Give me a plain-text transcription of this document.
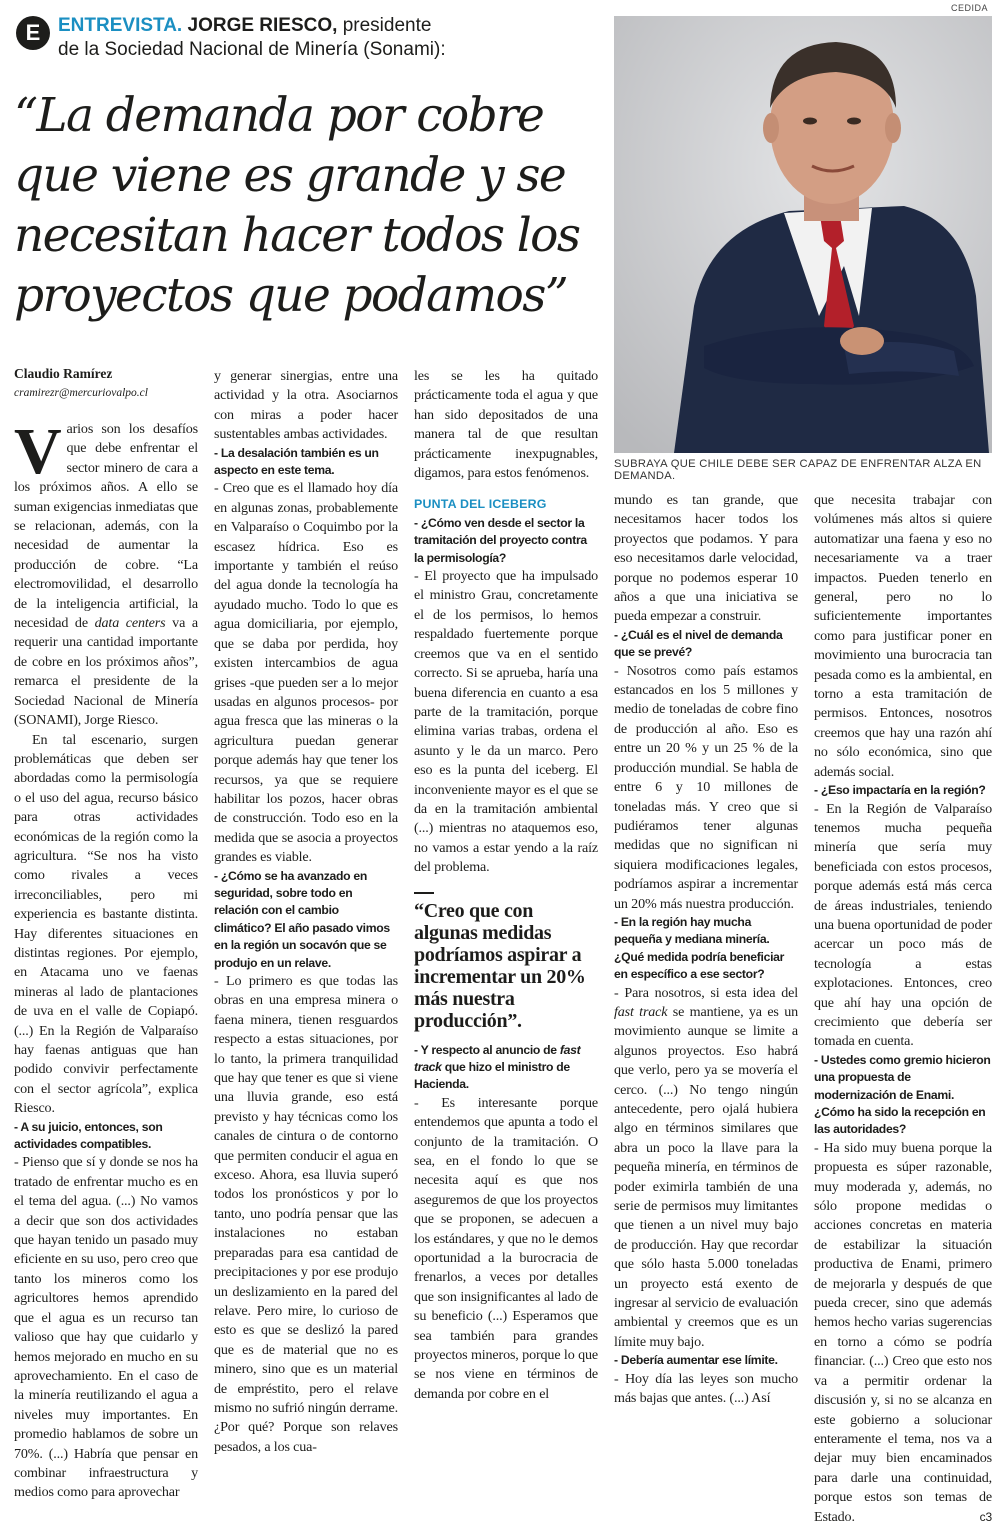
E ENTREVISTA. JORGE RIESCO, presidente
de la Sociedad Nacional de Minería (Sonami):
“La demanda por cobre que viene es grande y se necesitan hacer todos los proyectos que podamos”
CEDIDA
SUBRAYA QUE CHILE DEBE SER CAPAZ DE ENFRENTAR ALZA EN DEMANDA.
Claudio Ramírez
cramirezr@mercuriovalpo.cl

Varios son los desafíos que debe enfrentar el sector minero de cara a los próximos años. A ello se suman exigencias inmediatas que se relacionan, además, con la necesidad de aumentar la producción de cobre. “La electromovilidad, el desarrollo de la inteligencia artificial, la necesidad de data centers va a requerir una cantidad importante de cobre en los próximos años”, remarca el presidente de la Sociedad Nacional de Minería (SONAMI), Jorge Riesco.

En tal escenario, surgen problemáticas que deben ser abordadas como la permisología o el uso del agua, recurso básico para otras actividades económicas de la región como la agricultura. “Se nos ha visto como rivales a veces irreconciliables, pero mi experiencia es bastante distinta. Hay diferentes situaciones en distintas regiones. Por ejemplo, en Atacama uno ve faenas mineras al lado de plantaciones de uva en el valle de Copiapó. (...) En la Región de Valparaíso hay faenas antiguas que han podido convivir perfectamente con el sector agrícola”, explica Riesco.

- A su juicio, entonces, son actividades compatibles.

- Pienso que sí y donde se nos ha tratado de enfrentar mucho es en el tema del agua. (...) No vamos a decir que son dos actividades que hayan tenido un pasado muy eficiente en su uso, pero creo que tanto los mineros como los agricultores hemos aprendido que el agua es un recurso tan valioso que hay que cuidarlo y hemos mejorado en mucho en su aprovechamiento. En el caso de la minería reutilizando el agua a niveles muy importantes. En promedio hablamos de sobre un 70%. (...) Habría que pensar en combinar infraestructura y medios como para aprovechar

y generar sinergias, entre una actividad y la otra. Asociarnos con miras a poder hacer sustentables ambas actividades.

- La desalación también es un aspecto en este tema.

- Creo que es el llamado hoy día en algunas zonas, probablemente en Valparaíso o Coquimbo por la escasez hídrica. Eso es importante y también el reúso del agua donde la tecnología ha ayudado mucho. Todo lo que es agua domiciliaria, por ejemplo, que se daba por perdida, hoy existen intercambios de agua grises -que pueden ser a lo mejor usadas en algunos procesos- por agua fresca que las mineras o la agricultura puedan generar porque además hay que tener los recursos, ya que se requiere habilitar los pozos, hacer obras de construcción. Todo eso en la medida que se asocia a proyectos grandes es viable.

- ¿Cómo se ha avanzado en seguridad, sobre todo en relación con el cambio climático? El año pasado vimos en la región un socavón que se produjo en un relave.

- Lo primero es que todas las obras en una empresa minera o faena minera, tienen resguardos respecto a estas situaciones, por lo tanto, la primera tranquilidad que hay que tener es que si viene una lluvia grande, eso está previsto y hay técnicas como los canales de cintura o de contorno que permiten conducir el agua en exceso. Ahora, esa lluvia superó todos los pronósticos y por lo tanto, uno podría pensar que las instalaciones no estaban preparadas para esa cantidad de precipitaciones y por ese produjo un deslizamiento en la pared del relave. Pero mire, lo curioso de esto es que se deslizó la pared que es de material que no es minero, sino que es un material de empréstito, pero el relave mismo no sufrió ningún derrame. ¿Por qué? Porque son relaves pesados, a los cua-

les se les ha quitado prácticamente toda el agua y que han sido depositados de una manera tal de que resultan prácticamente inexpugnables, digamos, para estos fenómenos.

PUNTA DEL ICEBERG

- ¿Cómo ven desde el sector la tramitación del proyecto contra la permisología?

- El proyecto que ha impulsado el ministro Grau, concretamente el de los permisos, lo hemos respaldado fuertemente porque creemos que va en el sentido correcto. Si se aprueba, haría una buena diferencia en cuanto a esa parte de la tramitación, porque elimina varias trabas, ordena el asunto y le da un marco. Pero eso es la punta del iceberg. El inconveniente mayor es el que se da en la tramitación ambiental (...) mientras no ataquemos eso, no vamos a estar yendo a la raíz del problema.

“Creo que con algunas medidas podríamos aspirar a incrementar un 20% más nuestra producción”.

- Y respecto al anuncio de fast track que hizo el ministro de Hacienda.

- Es interesante porque entendemos que apunta a todo el conjunto de la tramitación. O sea, en el fondo lo que se necesita aquí es que nos aseguremos de que los proyectos que se proponen, se adecuen a los estándares, y que no le demos oportunidad a la burocracia de frenarlos, a veces por detalles que son insignificantes al lado de su beneficio (...) Esperamos que sea también para grandes proyectos mineros, porque lo que se nos viene en términos de demanda por cobre en el

mundo es tan grande, que necesitamos hacer todos los proyectos que podamos. Y para eso necesitamos darle velocidad, porque no podemos esperar 10 años a que una iniciativa se pueda empezar a construir.

- ¿Cuál es el nivel de demanda que se prevé?

- Nosotros como país estamos estancados en los 5 millones y medio de toneladas de cobre fino de producción al año. Eso es entre un 20 % y un 25 % de la producción mundial. Se habla de entre 6 y 10 millones de toneladas más. Y creo que si pudiéramos tener algunas medidas que no significan ni siquiera modificaciones legales, podríamos aspirar a incrementar un 20% más nuestra producción.

- En la región hay mucha pequeña y mediana minería. ¿Qué medida podría beneficiar en específico a ese sector?

- Para nosotros, si esta idea del fast track se mantiene, ya es un movimiento aunque se limite a algunos proyectos. Eso habrá que verlo, pero ya se movería el cerco. (...) No tengo ningún antecedente, pero ojalá hubiera algo en términos similares que abra un poco la llave para la pequeña minería, en términos de poder eximirla también de una serie de permisos muy limitantes que tienen a un nivel muy bajo de producción. Hay que recordar que sólo hasta 5.000 toneladas un proyecto está exento de ingresar al servicio de evaluación ambiental y creemos que es un límite muy bajo.

- Debería aumentar ese límite.

- Hoy día las leyes son mucho más bajas que antes. (...) Así

que necesita trabajar con volúmenes más altos si quiere automatizar una faena y eso no necesariamente va a traer impactos. Pueden tenerlo en general, pero no lo suficientemente importantes como para justificar poner en movimiento una burocracia tan pesada como es la ambiental, en torno a esta tramitación de permisos. Entonces, nosotros creemos que hay una razón ahí no sólo económica, sino que además social.

- ¿Eso impactaría en la región?

- En la Región de Valparaíso tenemos mucha pequeña minería que sería muy beneficiada con estos procesos, porque además está más cerca de áreas industriales, teniendo una buena oportunidad de poder acercar un poco más de tecnología a estas explotaciones. Entonces, creo que ahí hay una opción de crecimiento que debería ser tomada en cuenta.

- Ustedes como gremio hicieron una propuesta de modernización de Enami. ¿Cómo ha sido la recepción en las autoridades?

- Ha sido muy buena porque la propuesta es súper razonable, muy moderada y, además, no sólo propone medidas o acciones concretas en materia de estabilizar la situación productiva de Enami, primero de mejorarla y después de que pueda crecer, sino que además hemos hecho varias sugerencias en torno a cómo se podría financiar. (...) Creo que esto nos va a permitir ordenar la discusión y, si no se alcanza en este gobierno a solucionar enteramente el tema, nos va a dejar muy bien encaminados para darle una continuidad, porque estos son temas de Estado.	c3
